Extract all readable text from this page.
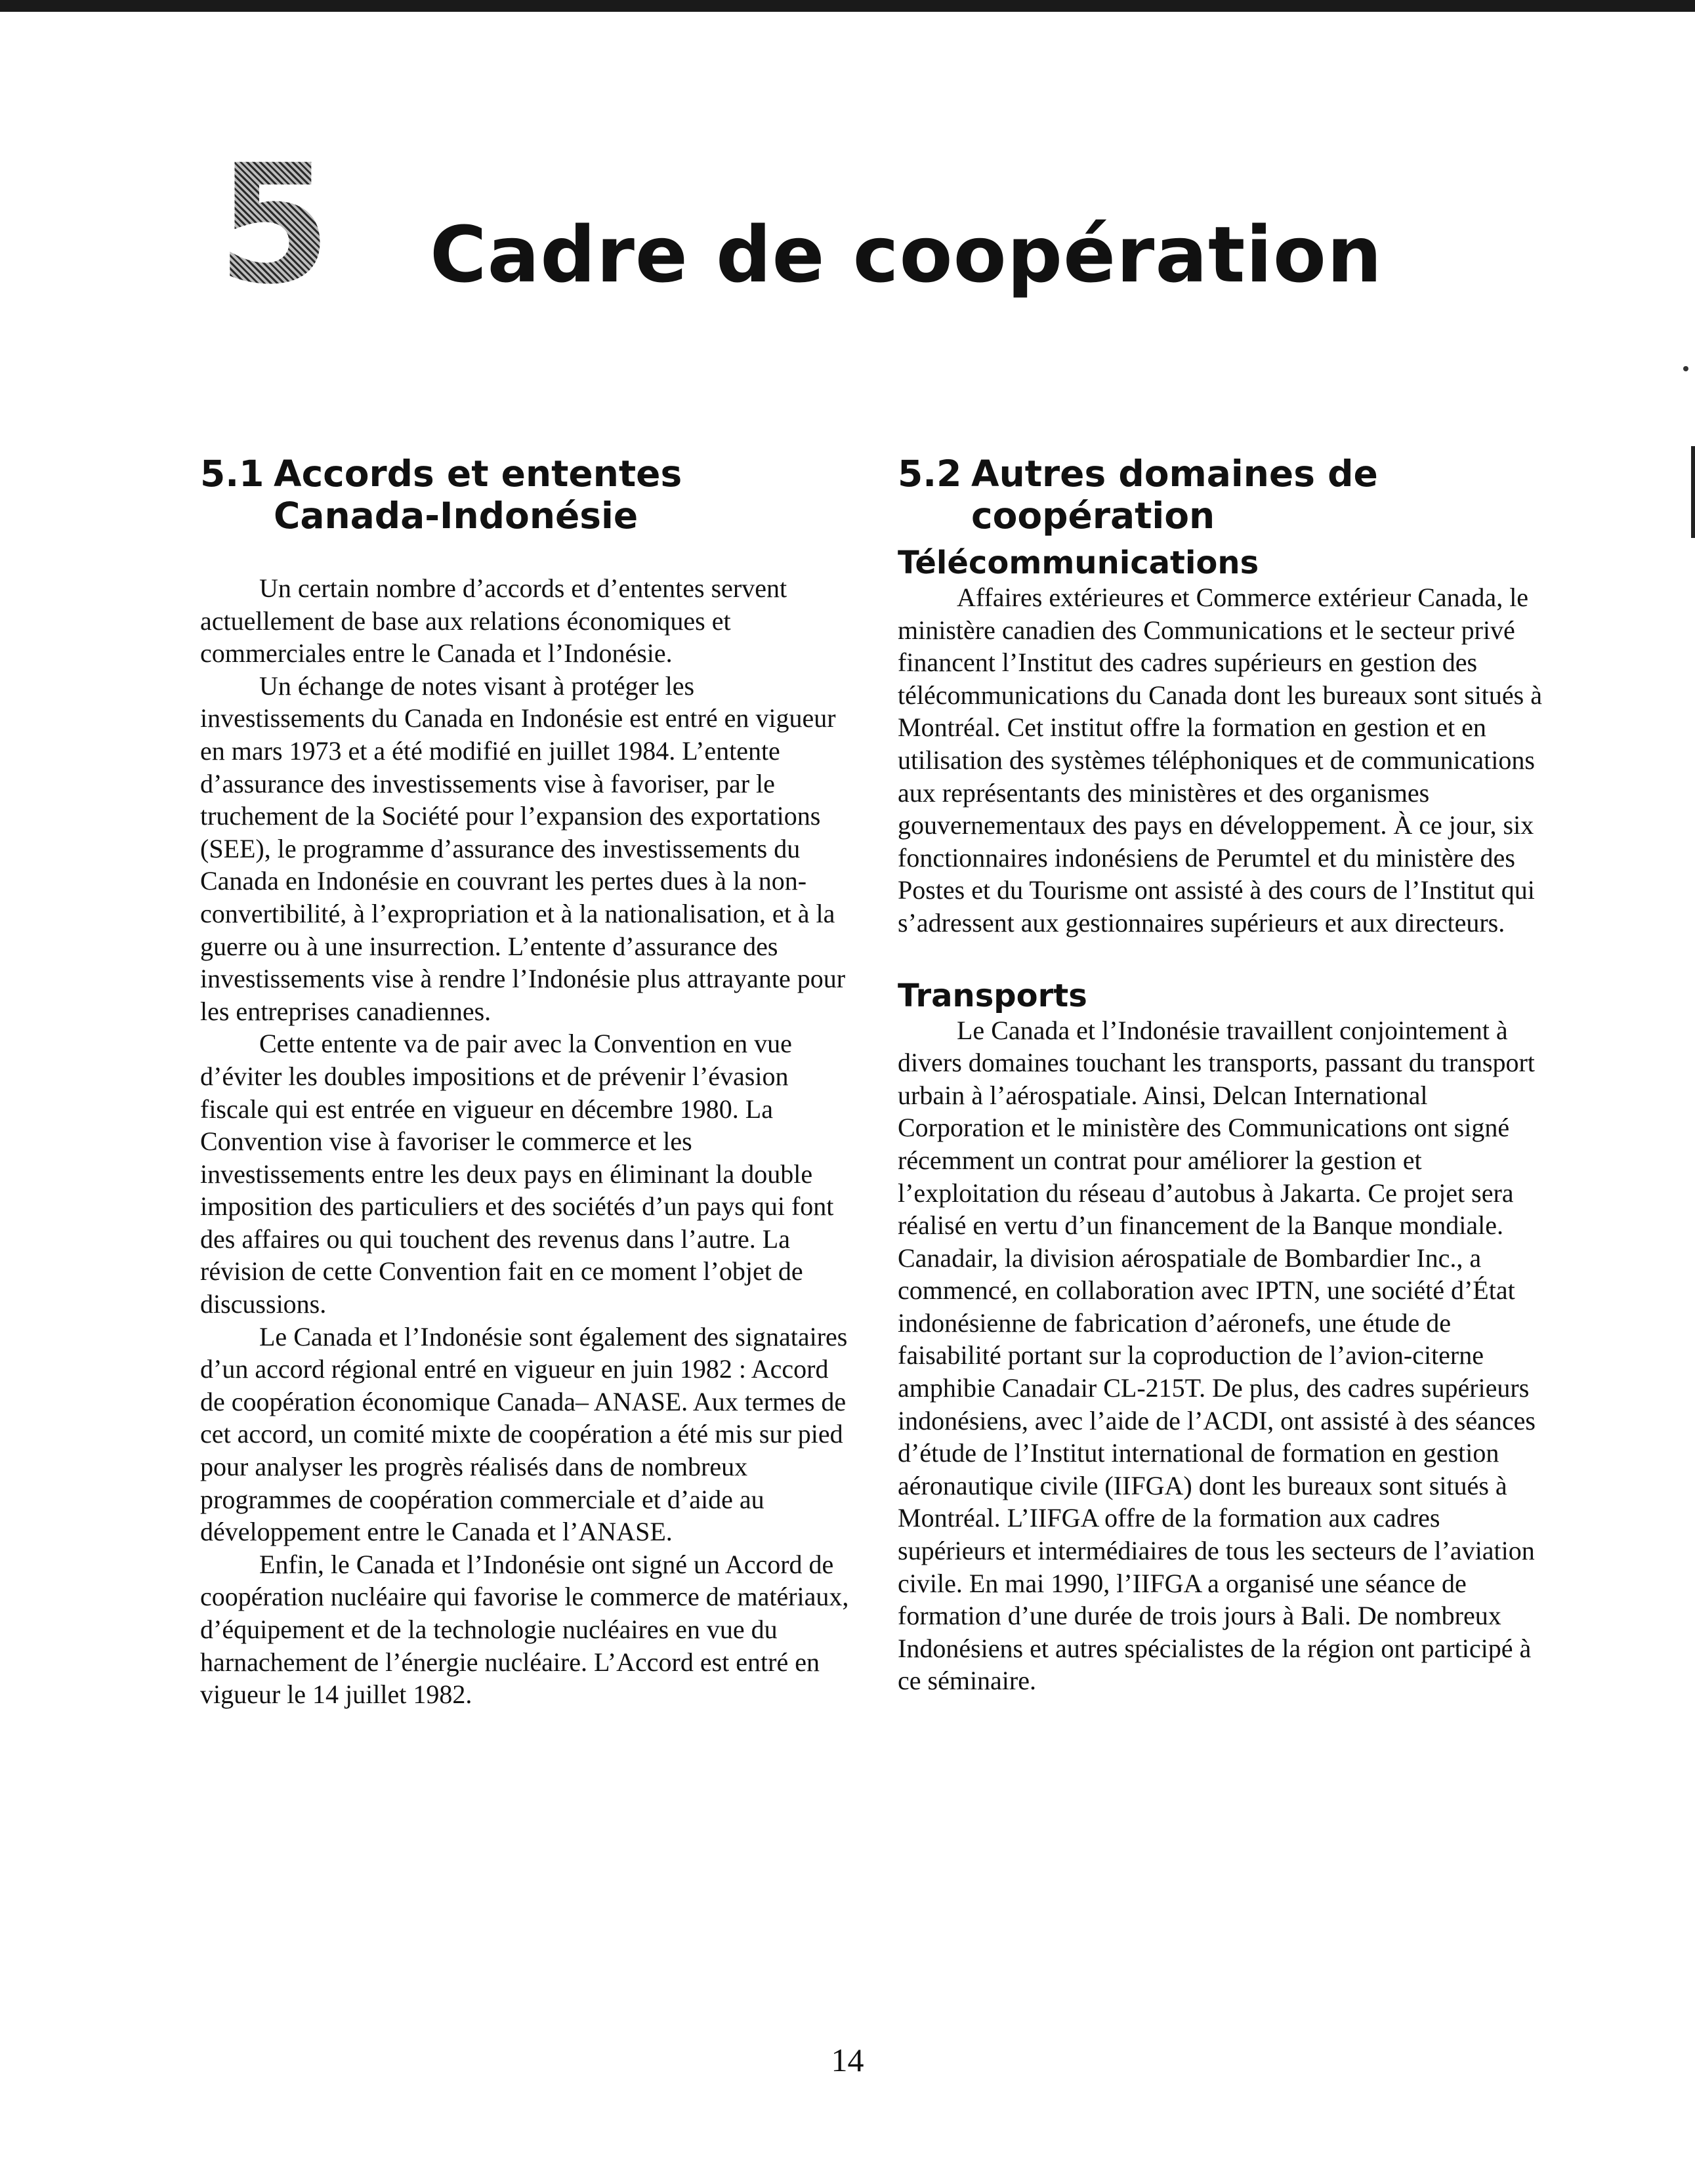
5 Cadre de coopération
5.1 Accords et ententes
Canada-Indonésie

Un certain nombre d’accords et d’ententes servent actuellement de base aux relations économiques et commerciales entre le Canada et l’Indonésie.

Un échange de notes visant à protéger les investissements du Canada en Indonésie est entré en vigueur en mars 1973 et a été modifié en juillet 1984. L’entente d’assurance des investissements vise à favoriser, par le truchement de la Société pour l’expansion des exportations (SEE), le programme d’assurance des investissements du Canada en Indonésie en couvrant les pertes dues à la non-convertibilité, à l’expropriation et à la nationalisation, et à la guerre ou à une insurrection. L’entente d’assurance des investissements vise à rendre l’Indonésie plus attrayante pour les entreprises canadiennes.

Cette entente va de pair avec la Convention en vue d’éviter les doubles impositions et de prévenir l’évasion fiscale qui est entrée en vigueur en décembre 1980. La Convention vise à favoriser le commerce et les investissements entre les deux pays en éliminant la double imposition des particuliers et des sociétés d’un pays qui font des affaires ou qui touchent des revenus dans l’autre. La révision de cette Convention fait en ce moment l’objet de discussions.

Le Canada et l’Indonésie sont également des signataires d’un accord régional entré en vigueur en juin 1982 : Accord de coopération économique Canada– ANASE. Aux termes de cet accord, un comité mixte de coopération a été mis sur pied pour analyser les progrès réalisés dans de nombreux programmes de coopération commerciale et d’aide au développement entre le Canada et l’ANASE.

Enfin, le Canada et l’Indonésie ont signé un Accord de coopération nucléaire qui favorise le commerce de matériaux, d’équipement et de la technologie nucléaires en vue du harnachement de l’énergie nucléaire. L’Accord est entré en vigueur le 14 juillet 1982.

5.2 Autres domaines de
coopération
Télécommunications

Affaires extérieures et Commerce extérieur Canada, le ministère canadien des Communications et le secteur privé financent l’Institut des cadres supérieurs en gestion des télécommunications du Canada dont les bureaux sont situés à Montréal. Cet institut offre la formation en gestion et en utilisation des systèmes téléphoniques et de communications aux représentants des ministères et des organismes gouvernementaux des pays en développement. À ce jour, six fonctionnaires indonésiens de Perumtel et du ministère des Postes et du Tourisme ont assisté à des cours de l’Institut qui s’adressent aux gestionnaires supérieurs et aux directeurs.

Transports

Le Canada et l’Indonésie travaillent conjointement à divers domaines touchant les transports, passant du transport urbain à l’aérospatiale. Ainsi, Delcan International Corporation et le ministère des Communications ont signé récemment un contrat pour améliorer la gestion et l’exploitation du réseau d’autobus à Jakarta. Ce projet sera réalisé en vertu d’un financement de la Banque mondiale. Canadair, la division aérospatiale de Bombardier Inc., a commencé, en collaboration avec IPTN, une société d’État indonésienne de fabrication d’aéronefs, une étude de faisabilité portant sur la coproduction de l’avion-citerne amphibie Canadair CL-215T. De plus, des cadres supérieurs indonésiens, avec l’aide de l’ACDI, ont assisté à des séances d’étude de l’Institut international de formation en gestion aéronautique civile (IIFGA) dont les bureaux sont situés à Montréal. L’IIFGA offre de la formation aux cadres supérieurs et intermédiaires de tous les secteurs de l’aviation civile. En mai 1990, l’IIFGA a organisé une séance de formation d’une durée de trois jours à Bali. De nombreux Indonésiens et autres spécialistes de la région ont participé à ce séminaire.

14
